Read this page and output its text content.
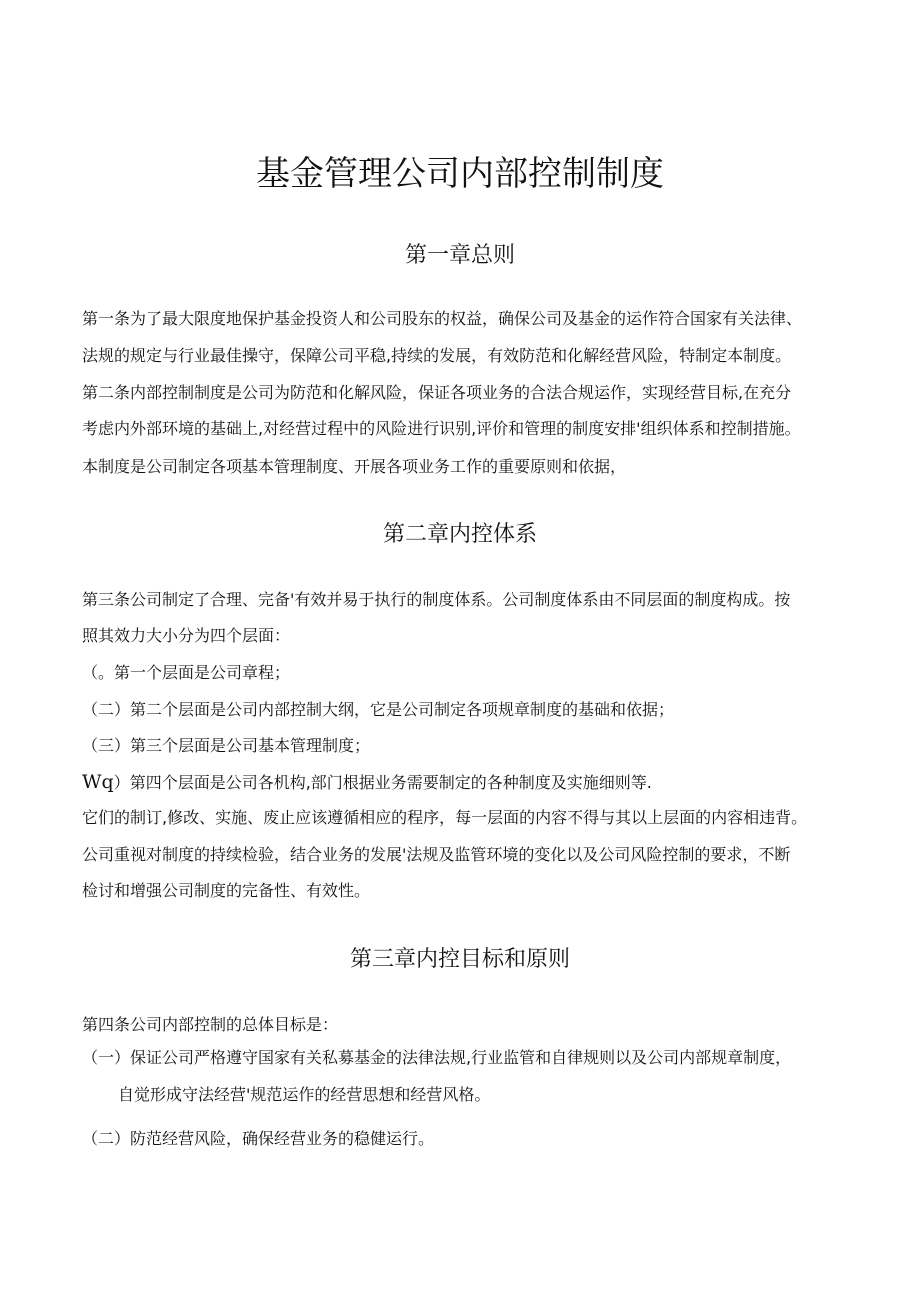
基金管理公司内部控制制度
第一章总则

第一条为了最大限度地保护基金投资人和公司股东的权益，确保公司及基金的运作符合国家有关法律、

法规的规定与行业最佳操守，保障公司平稳,持续的发展，有效防范和化解经营风险，特制定本制度。

第二条内部控制制度是公司为防范和化解风险，保证各项业务的合法合规运作，实现经营目标,在充分

考虑内外部环境的基础上,对经营过程中的风险进行识别,评价和管理的制度安排'组织体系和控制措施。

本制度是公司制定各项基本管理制度、开展各项业务工作的重要原则和依据，

第二章内控体系

第三条公司制定了合理、完备'有效并易于执行的制度体系。公司制度体系由不同层面的制度构成。按

照其效力大小分为四个层面：

（。第一个层面是公司章程；

（二）第二个层面是公司内部控制大纲，它是公司制定各项规章制度的基础和依据；

（三）第三个层面是公司基本管理制度；

Wq）第四个层面是公司各机构,部门根据业务需要制定的各种制度及实施细则等.

它们的制订,修改、实施、废止应该遵循相应的程序，每一层面的内容不得与其以上层面的内容相违背。

公司重视对制度的持续检验，结合业务的发展'法规及监管环境的变化以及公司风险控制的要求，不断

检讨和增强公司制度的完备性、有效性。

第三章内控目标和原则

第四条公司内部控制的总体目标是：

（一）保证公司严格遵守国家有关私募基金的法律法规,行业监管和自律规则以及公司内部规章制度，

自觉形成守法经营'规范运作的经营思想和经营风格。

（二）防范经营风险，确保经营业务的稳健运行。
